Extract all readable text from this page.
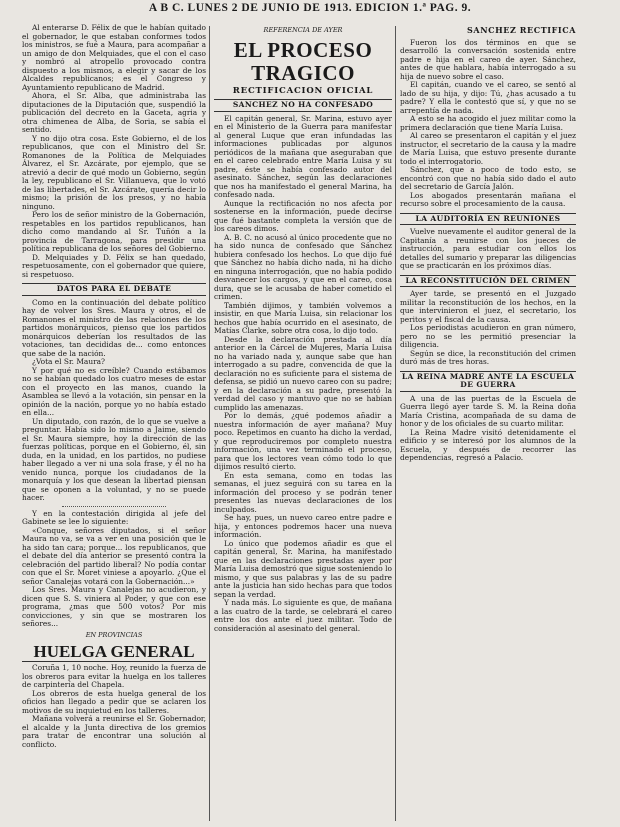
A B C. LUNES 2 DE JUNIO DE 1913. EDICION 1.ª PAG. 9.

Al enterarse D. Félix de que le habían quitado el gobernador, le que estaban conformes todos los ministros, se fué a Maura, para acompañar a un amigo de don Melquiades, que el con el caso y nombró al atropello provocado contra dispuesto a los mismos, a elegir y sacar de los Alcaldes republicanos; es el Congreso y Ayuntamiento republicano de Madrid.

Ahora, el Sr. Alba, que administraba las diputaciones de la Diputación que, suspendió la publicación del decreto en la Gaceta, agria y otra chimenea de Alba, de Soria, se sabía el sentido.

Y no dijo otra cosa. Este Gobierno, el de los republicanos, que con el Ministro del Sr. Romanones de la Política de Melquiades Álvarez, el Sr. Azcárate, por ejemplo, que se atrevió a decir de qué modo un Gobierno, según la ley, republicano el Sr. Villanueva, que lo votó de las libertades, el Sr. Azcárate, quería decir lo mismo; la prisión de los presos, y no había ninguno.

Pero los de señor ministro de la Gobernación, respetables en los partidos republicanos, han dicho como mandando al Sr. Tuñón a la provincia de Tarragona, para presidir una política republicana de los señores del Gobierno.

D. Melquiades y D. Félix se han quedado, respetuosamente, con el gobernador que quiere, si respetuoso.

DATOS PARA EL DEBATE

Como en la continuación del debate político hay de volver los Sres. Maura y otros, el de Romanones el ministro de las relaciones de los partidos monárquicos, pienso que los partidos monárquicos deberían los resultados de las votaciones, tan decididas de... como entonces que sabe de la nación.

¿Vota el Sr. Maura?

Y por qué no es creíble? Cuando estábamos no se habían quedado los cuatro meses de estar con el proyecto en las manos, cuando la Asamblea se llevó a la votación, sin pensar en la opinión de la nación, porque yo no había estado en ella...

Un diputado, con razón, de lo que se vuelve a preguntar. Había sido lo mismo a Jaime, siendo el Sr. Maura siempre, hoy la dirección de las fuerzas políticas, porque en el Gobierno, él, sin duda, en la unidad, en los partidos, no pudiese haber llegado a ver ni una sola frase, y él no ha venido nunca, porque los ciudadanos de la monarquía y los que desean la libertad piensan que se oponen a la voluntad, y no se puede hacer.

Y en la contestación dirigida al jefe del Gabinete se lee lo siguiente:

«Conque, señores diputados, si el señor Maura no va, se va a ver en una posición que le ha sido tan cara; porque... los republicanos, que el debate del día anterior se presentó contra la celebración del partido liberal? No podía contar con que el Sr. Moret viniese a apoyarlo. ¿Que el señor Canalejas votará con la Gobernación...»

Los Sres. Maura y Canalejas no acudieron, y dicen que S. S. viniera al Poder, y que con ese programa, ¿mas que 500 votos? Por mis convicciones, y sin que se mostraren los señores...

EN PROVINCIAS
HUELGA GENERAL

Coruña 1, 10 noche. Hoy, reunido la fuerza de los obreros para evitar la huelga en los talleres de carpintería del Chapela.

Los obreros de esta huelga general de los oficios han llegado a pedir que se aclaren los motivos de su inquietud en los talleres.

Mañana volverá a reunirse el Sr. Gobernador, el alcalde y la Junta directiva de los gremios para tratar de encontrar una solución al conflicto.

REFERENCIA DE AYER
EL PROCESO TRAGICO
RECTIFICACION OFICIAL
SANCHEZ NO HA CONFESADO

El capitán general, Sr. Marina, estuvo ayer en el Ministerio de la Guerra para manifestar al general Luque que eran infundadas las informaciones publicadas por algunos periódicos de la mañana que aseguraban que en el careo celebrado entre María Luisa y su padre, éste se había confesado autor del asesinato. Sánchez, según las declaraciones que nos ha manifestado el general Marina, ha confesado nada.

Aunque la rectificación no nos afecta por sostenerse en la información, puede decirse que fué bastante completa la versión que de los careos dimos.

A. B. C. no acusó al único procedente que no ha sido nunca de confesado que Sánchez hubiera confesado los hechos. Lo que dijo fué que Sánchez no había dicho nada, ni ha dicho en ninguna interrogación, que no había podido desvanecer los cargos, y que en el careo, cosa dura, que se le acusaba de haber cometido el crimen.

También dijimos, y también volvemos a insistir, en que María Luisa, sin relacionar los hechos que había ocurrido en el asesinato, de Matías Clarke, sobre otra cosa, lo dijo todo.

Desde la declaración prestada al día anterior en la Cárcel de Mujeres, María Luisa no ha variado nada y, aunque sabe que han interrogado a su padre, convencida de que la declaración no es suficiente para el sistema de defensa, se pidió un nuevo careo con su padre; y en la declaración a su padre, presentó la verdad del caso y mantuvo que no se habían cumplido las amenazas.

Por lo demás, ¿qué podemos añadir a nuestra información de ayer mañana? Muy poco. Repetimos en cuanto ha dicho la verdad, y que reproduciremos por completo nuestra información, una vez terminado el proceso, para que los lectores vean cómo todo lo que dijimos resultó cierto.

En esta semana, como en todas las semanas, el juez seguirá con su tarea en la información del proceso y se podrán tener presentes las nuevas declaraciones de los inculpados.

Se hay, pues, un nuevo careo entre padre e hija, y entonces podremos hacer una nueva información.

Lo único que podemos añadir es que el capitán general, Sr. Marina, ha manifestado que en las declaraciones prestadas ayer por María Luisa demostró que sigue sosteniendo lo mismo, y que sus palabras y las de su padre ante la justicia han sido hechas para que todos sepan la verdad.

Y nada más. Lo siguiente es que, de mañana a las cuatro de la tarde, se celebrará el careo entre los dos ante el juez militar. Todo de consideración al asesinato del general.

SANCHEZ RECTIFICA

Fueron los dos términos en que se desarrolló la conversación sostenida entre padre e hija en el careo de ayer. Sánchez, antes de que hablara, había interrogado a su hija de nuevo sobre el caso.

El capitán, cuando ve el careo, se sentó al lado de su hija, y dijo: Tú, ¿has acusado a tu padre? Y ella le contestó que sí, y que no se arrepentía de nada.

A esto se ha acogido el juez militar como la primera declaración que tiene María Luisa.

Al careo se presentaron el capitán y el juez instructor, el secretario de la causa y la madre de María Luisa, que estuvo presente durante todo el interrogatorio.

Sánchez, que a poco de todo esto, se encontró con que no había sido dado el auto del secretario de García Jalón.

Los abogados presentarán mañana el recurso sobre el procesamiento de la causa.

LA AUDITORÍA EN REUNIONES

Vuelve nuevamente el auditor general de la Capitanía a reunirse con los jueces de instrucción, para estudiar con ellos los detalles del sumario y preparar las diligencias que se practicarán en los próximos días.

LA RECONSTITUCIÓN DEL CRIMEN

Ayer tarde, se presentó en el Juzgado militar la reconstitución de los hechos, en la que intervinieron el juez, el secretario, los peritos y el fiscal de la causa.

Los periodistas acudieron en gran número, pero no se les permitió presenciar la diligencia.

Según se dice, la reconstitución del crimen duró más de tres horas.

LA REINA MADRE ANTE LA ESCUELA DE GUERRA

A una de las puertas de la Escuela de Guerra llegó ayer tarde S. M. la Reina doña María Cristina, acompañada de su dama de honor y de los oficiales de su cuarto militar.

La Reina Madre visitó detenidamente el edificio y se interesó por los alumnos de la Escuela, y después de recorrer las dependencias, regresó a Palacio.
